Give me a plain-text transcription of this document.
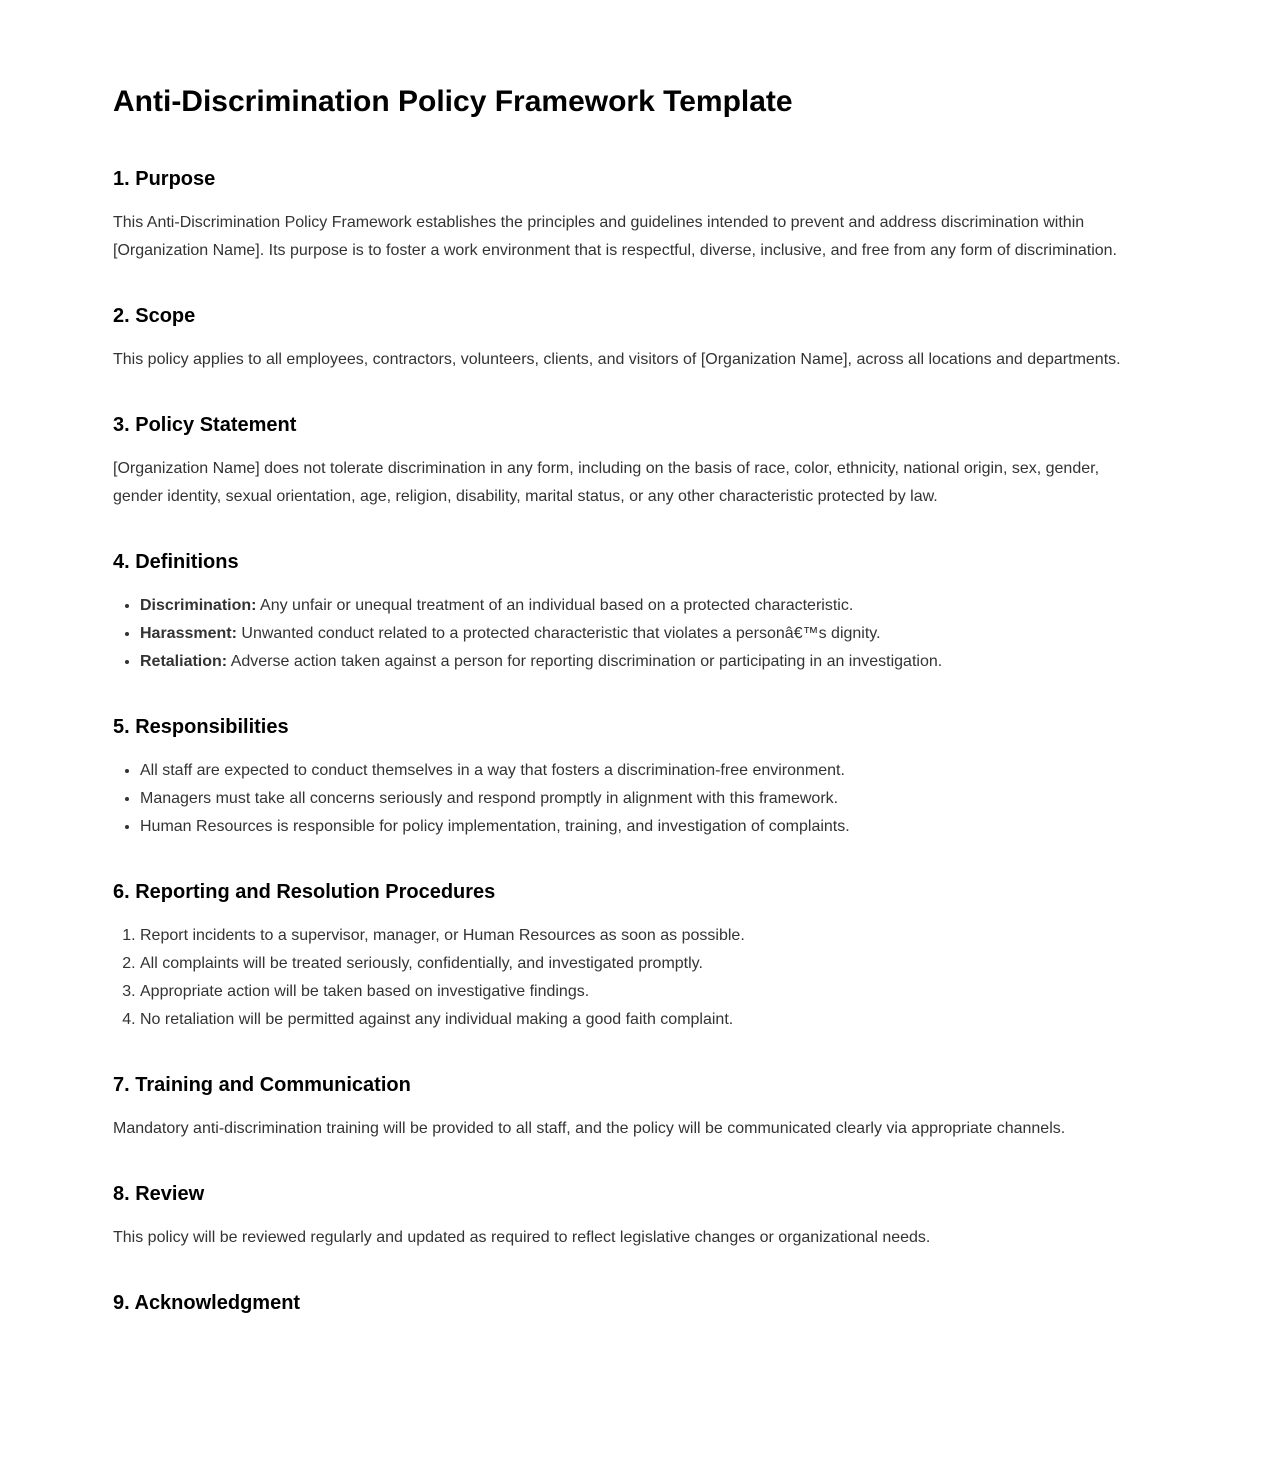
Anti-Discrimination Policy Framework Template
1. Purpose

This Anti-Discrimination Policy Framework establishes the principles and guidelines intended to prevent and address discrimination within [Organization Name]. Its purpose is to foster a work environment that is respectful, diverse, inclusive, and free from any form of discrimination.

2. Scope

This policy applies to all employees, contractors, volunteers, clients, and visitors of [Organization Name], across all locations and departments.

3. Policy Statement

[Organization Name] does not tolerate discrimination in any form, including on the basis of race, color, ethnicity, national origin, sex, gender, gender identity, sexual orientation, age, religion, disability, marital status, or any other characteristic protected by law.

4. Definitions
• Discrimination: Any unfair or unequal treatment of an individual based on a protected characteristic.
• Harassment: Unwanted conduct related to a protected characteristic that violates a personâ€™s dignity.
• Retaliation: Adverse action taken against a person for reporting discrimination or participating in an investigation.
5. Responsibilities
• All staff are expected to conduct themselves in a way that fosters a discrimination-free environment.
• Managers must take all concerns seriously and respond promptly in alignment with this framework.
• Human Resources is responsible for policy implementation, training, and investigation of complaints.
6. Reporting and Resolution Procedures
1. Report incidents to a supervisor, manager, or Human Resources as soon as possible.
2. All complaints will be treated seriously, confidentially, and investigated promptly.
3. Appropriate action will be taken based on investigative findings.
4. No retaliation will be permitted against any individual making a good faith complaint.
7. Training and Communication

Mandatory anti-discrimination training will be provided to all staff, and the policy will be communicated clearly via appropriate channels.

8. Review

This policy will be reviewed regularly and updated as required to reflect legislative changes or organizational needs.

9. Acknowledgment
